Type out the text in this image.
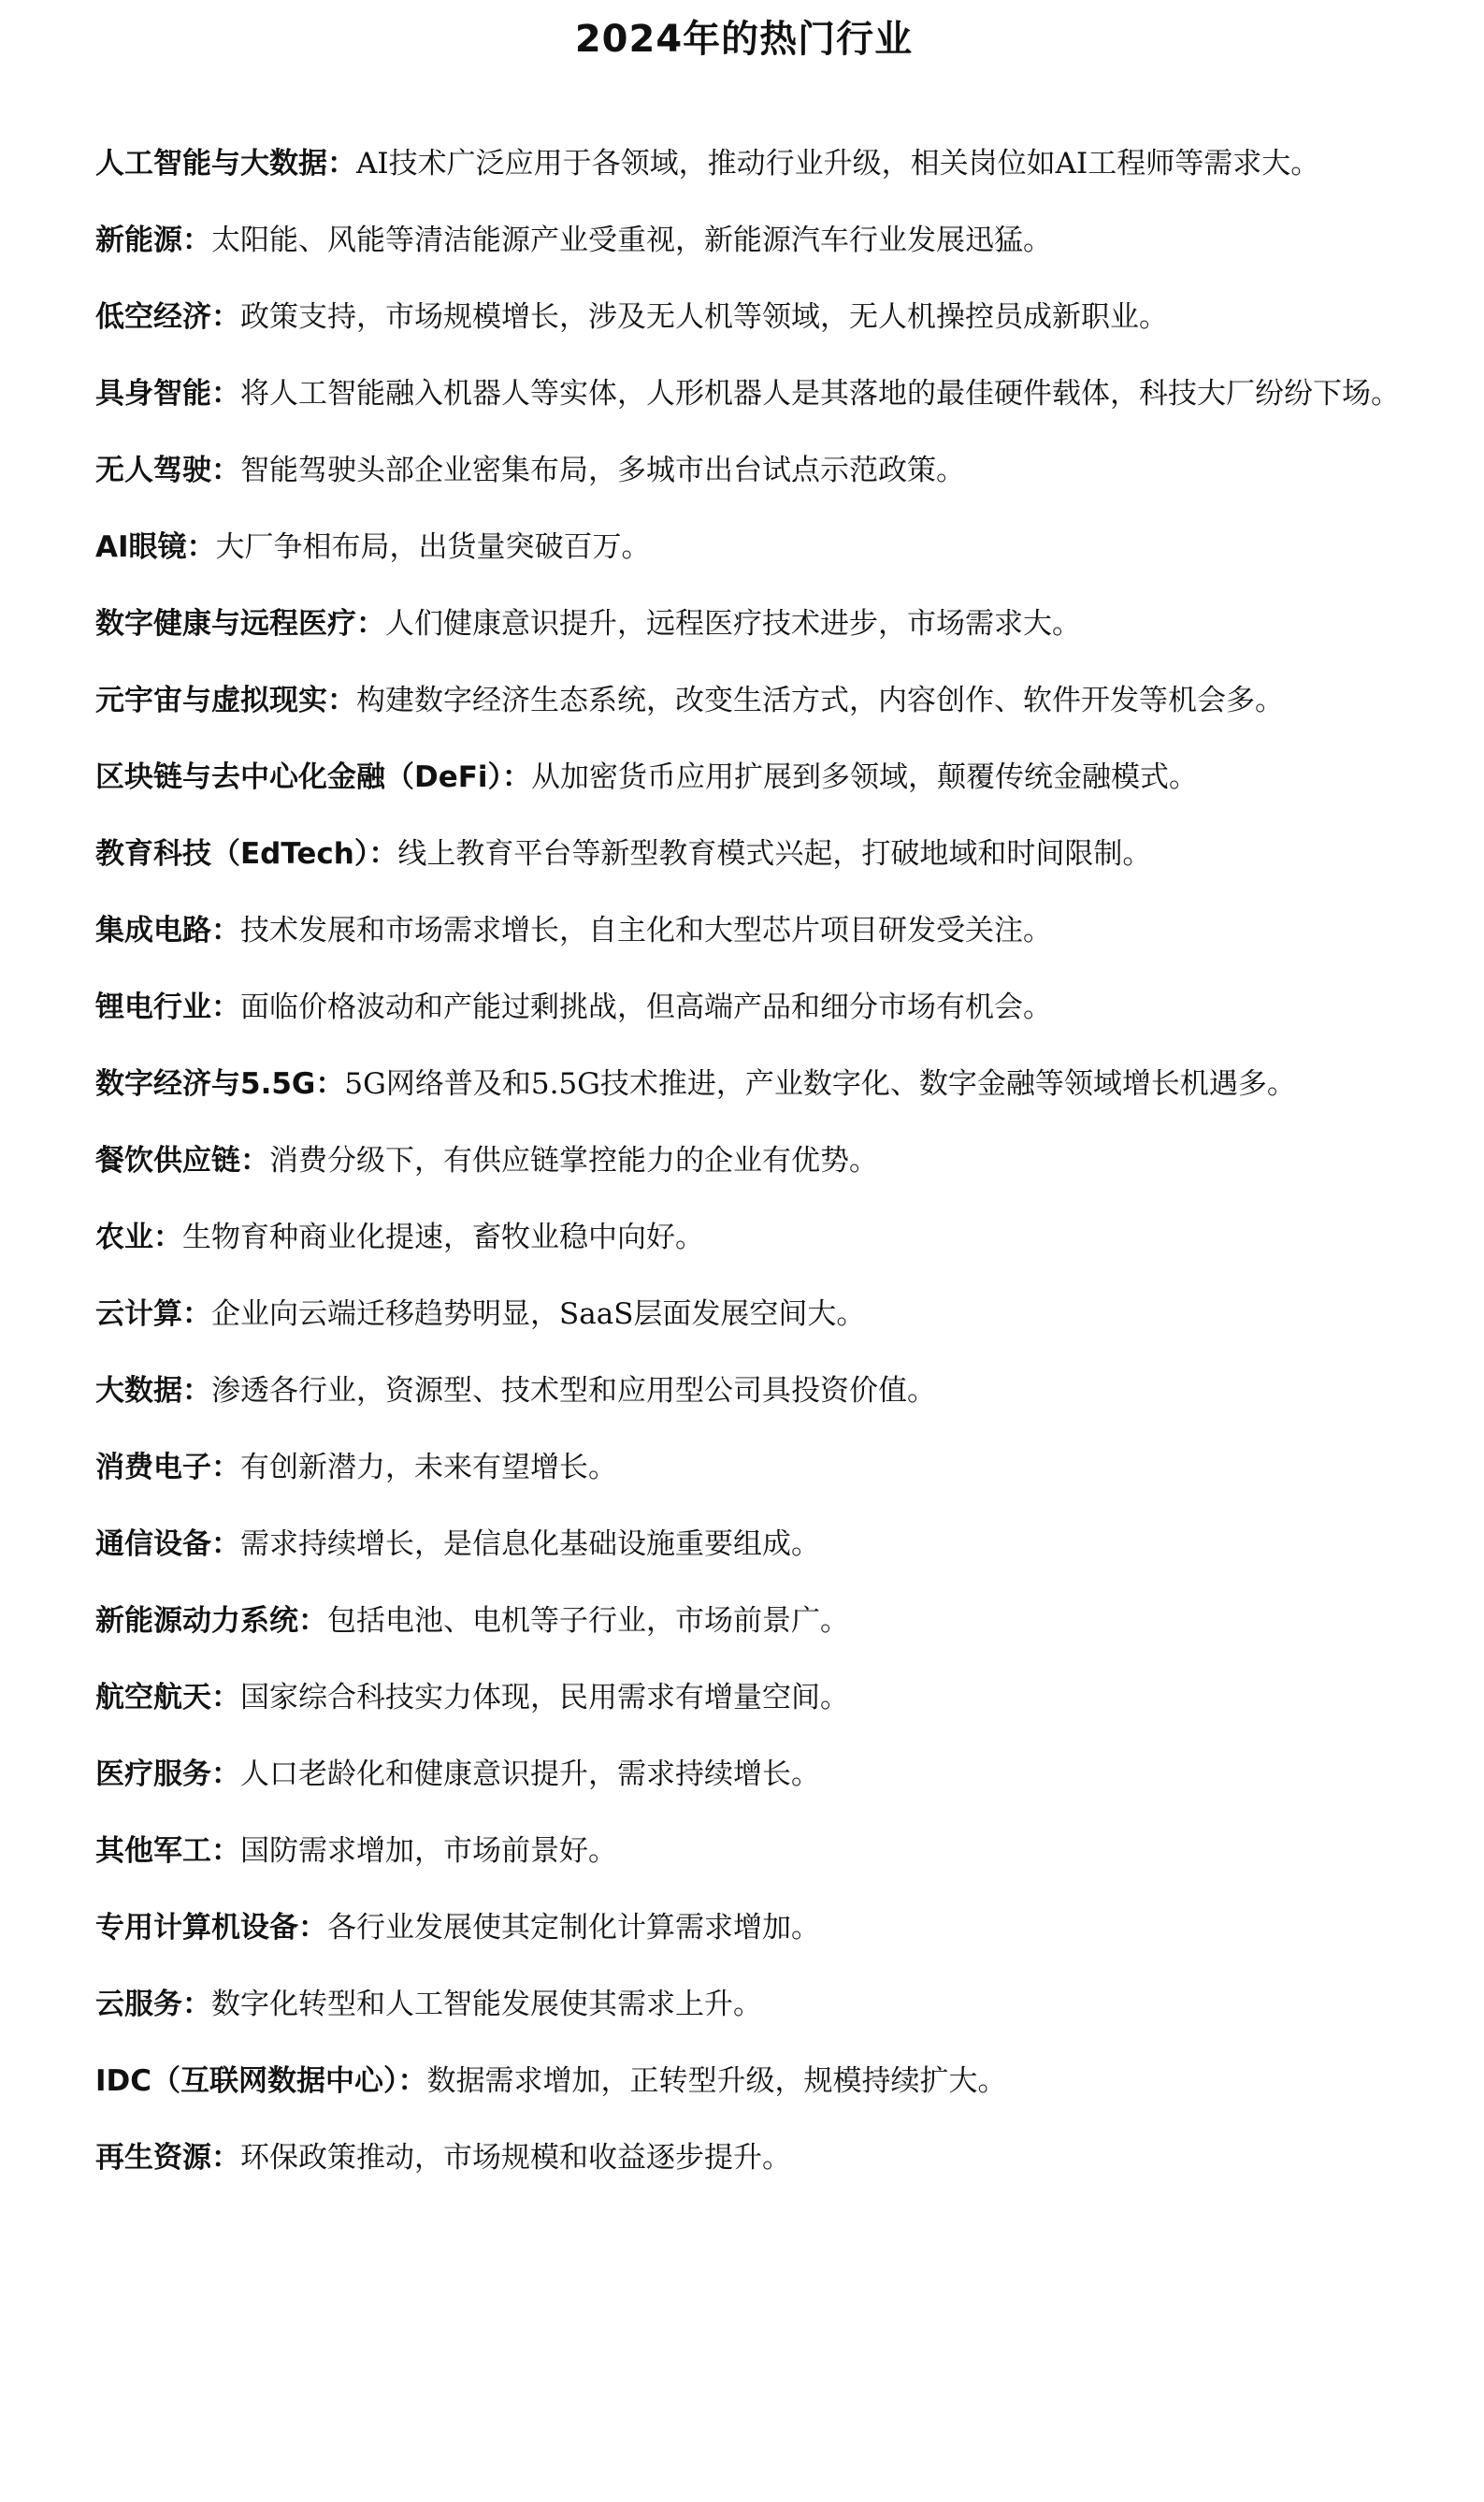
2024年的热门行业

人工智能与大数据：AI技术广泛应用于各领域，推动行业升级，相关岗位如AI工程师等需求大。

新能源：太阳能、风能等清洁能源产业受重视，新能源汽车行业发展迅猛。

低空经济：政策支持，市场规模增长，涉及无人机等领域，无人机操控员成新职业。

具身智能：将人工智能融入机器人等实体，人形机器人是其落地的最佳硬件载体，科技大厂纷纷下场。

无人驾驶：智能驾驶头部企业密集布局，多城市出台试点示范政策。

AI眼镜：大厂争相布局，出货量突破百万。

数字健康与远程医疗：人们健康意识提升，远程医疗技术进步，市场需求大。

元宇宙与虚拟现实：构建数字经济生态系统，改变生活方式，内容创作、软件开发等机会多。

区块链与去中心化金融（DeFi）：从加密货币应用扩展到多领域，颠覆传统金融模式。

教育科技（EdTech）：线上教育平台等新型教育模式兴起，打破地域和时间限制。

集成电路：技术发展和市场需求增长，自主化和大型芯片项目研发受关注。

锂电行业：面临价格波动和产能过剩挑战，但高端产品和细分市场有机会。

数字经济与5.5G：5G网络普及和5.5G技术推进，产业数字化、数字金融等领域增长机遇多。

餐饮供应链：消费分级下，有供应链掌控能力的企业有优势。

农业：生物育种商业化提速，畜牧业稳中向好。

云计算：企业向云端迁移趋势明显，SaaS层面发展空间大。

大数据：渗透各行业，资源型、技术型和应用型公司具投资价值。

消费电子：有创新潜力，未来有望增长。

通信设备：需求持续增长，是信息化基础设施重要组成。

新能源动力系统：包括电池、电机等子行业，市场前景广。

航空航天：国家综合科技实力体现，民用需求有增量空间。

医疗服务：人口老龄化和健康意识提升，需求持续增长。

其他军工：国防需求增加，市场前景好。

专用计算机设备：各行业发展使其定制化计算需求增加。

云服务：数字化转型和人工智能发展使其需求上升。

IDC（互联网数据中心）：数据需求增加，正转型升级，规模持续扩大。

再生资源：环保政策推动，市场规模和收益逐步提升。
